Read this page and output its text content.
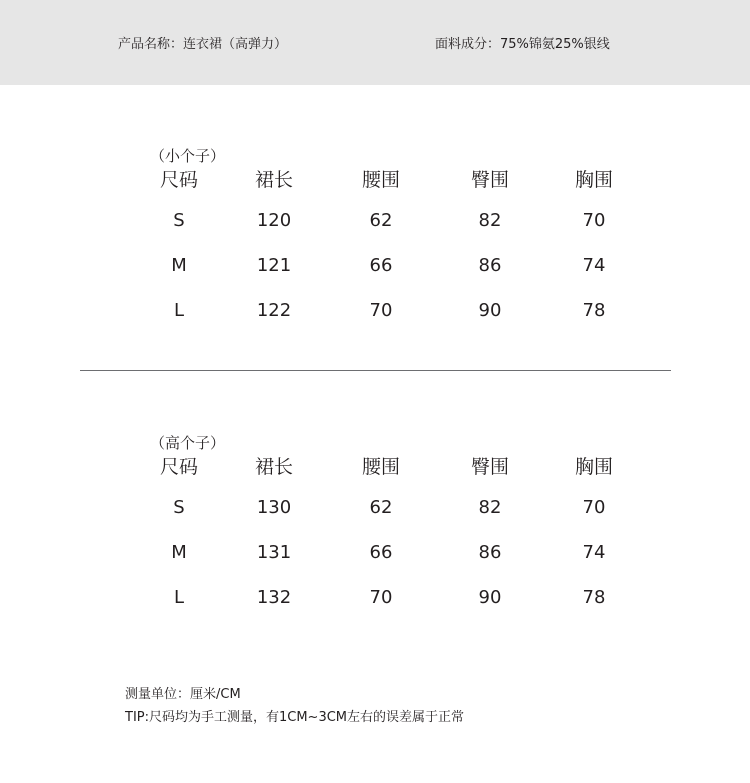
产品名称：连衣裙（高弹力）	面料成分：75%锦氨25%银线
（小个子）
尺码	裙长	腰围	臀围	胸围
S	120	62	82	70
M	121	66	86	74
L	122	70	90	78
（高个子）
尺码	裙长	腰围	臀围	胸围
S	130	62	82	70
M	131	66	86	74
L	132	70	90	78
测量单位：厘米/CM
TIP:尺码均为手工测量，有1CM~3CM左右的误差属于正常
